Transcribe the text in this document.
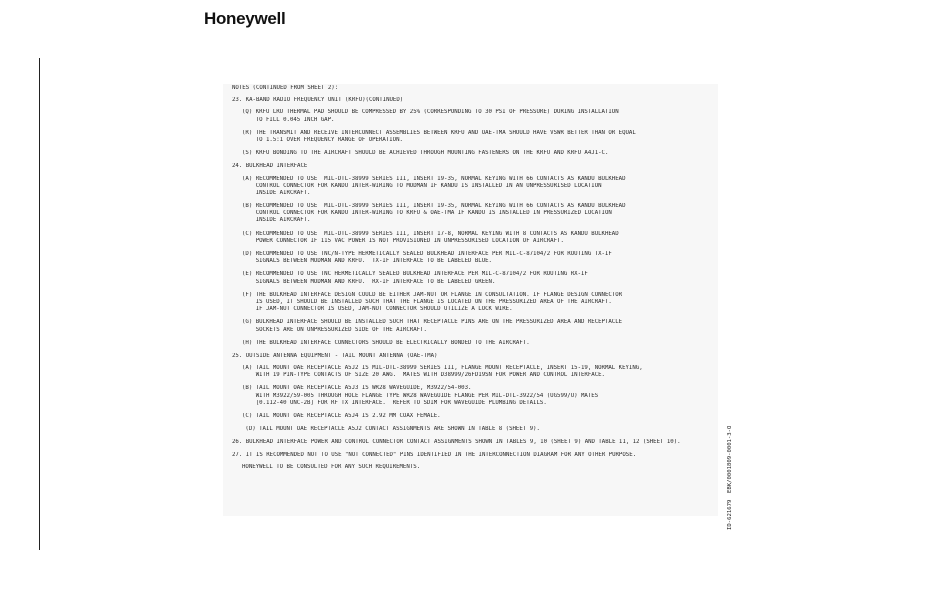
Honeywell
NOTES (CONTINUED FROM SHEET 2):
23. KA-BAND RADIO FREQUENCY UNIT (KRFU)(CONTINUED)
(Q) KRFU LRU THERMAL PAD SHOULD BE COMPRESSED BY 25% (CORRESPONDING TO 30 PSI OF PRESSURE) DURING INSTALLATION
TO FILL 0.045 INCH GAP.
(R) THE TRANSMIT AND RECEIVE INTERCONNECT ASSEMBLIES BETWEEN KRFU AND OAE-TMA SHOULD HAVE VSWR BETTER THAN OR EQUAL
TO 1.5:1 OVER FREQUENCY RANGE OF OPERATION.
(S) KRFU BONDING TO THE AIRCRAFT SHOULD BE ACHIEVED THROUGH MOUNTING FASTENERS ON THE KRFU AND KRFU A4J1-C.
24. BULKHEAD INTERFACE
(A) RECOMMENDED TO USE  MIL-DTL-38999 SERIES III, INSERT 19-35, NORMAL KEYING WITH 66 CONTACTS AS KANDU BULKHEAD
CONTROL CONNECTOR FOR KANDU INTER-WIRING TO MODMAN IF KANDU IS INSTALLED IN AN UNPRESSURISED LOCATION
INSIDE AIRCRAFT.
(B) RECOMMENDED TO USE  MIL-DTL-38999 SERIES III, INSERT 19-35, NORMAL KEYING WITH 66 CONTACTS AS KANDU BULKHEAD
CONTROL CONNECTOR FOR KANDU INTER-WIRING TO KRFU & OAE-TMA IF KANDU IS INSTALLED IN PRESSURIZED LOCATION
INSIDE AIRCRAFT.
(C) RECOMMENDED TO USE  MIL-DTL-38999 SERIES III, INSERT 17-8, NORMAL KEYING WITH 8 CONTACTS AS KANDU BULKHEAD
POWER CONNECTOR IF 115 VAC POWER IS NOT PROVISIONED IN UNPRESSURISED LOCATION OF AIRCRAFT.
(D) RECOMMENDED TO USE TNC/N-TYPE HERMETICALLY SEALED BULKHEAD INTERFACE PER MIL-C-87104/2 FOR ROUTING TX-IF
SIGNALS BETWEEN MODMAN AND KRFU.  TX-IF INTERFACE TO BE LABELED BLUE.
(E) RECOMMENDED TO USE TNC HERMETICALLY SEALED BULKHEAD INTERFACE PER MIL-C-87104/2 FOR ROUTING RX-IF
SIGNALS BETWEEN MODMAN AND KRFU.  RX-IF INTERFACE TO BE LABELED GREEN.
(F) THE BULKHEAD INTERFACE DESIGN COULD BE EITHER JAM-NUT OR FLANGE IN CONSULTATION. IF FLANGE DESIGN CONNECTOR
IS USED, IT SHOULD BE INSTALLED SUCH THAT THE FLANGE IS LOCATED ON THE PRESSURIZED AREA OF THE AIRCRAFT.
IF JAM-NUT CONNECTOR IS USED, JAM-NUT CONNECTOR SHOULD UTILIZE A LOCK WIRE.
(G) BULKHEAD INTERFACE SHOULD BE INSTALLED SUCH THAT RECEPTACLE PINS ARE ON THE PRESSURIZED AREA AND RECEPTACLE
SOCKETS ARE ON UNPRESSURIZED SIDE OF THE AIRCRAFT.
(H) THE BULKHEAD INTERFACE CONNECTORS SHOULD BE ELECTRICALLY BONDED TO THE AIRCRAFT.
25. OUTSIDE ANTENNA EQUIPMENT - TAIL MOUNT ANTENNA (OAE-TMA)
(A) TAIL MOUNT OAE RECEPTACLE A5J2 IS MIL-DTL-38999 SERIES III, FLANGE MOUNT RECEPTACLE, INSERT 15-19, NORMAL KEYING,
WITH 19 PIN-TYPE CONTACTS OF SIZE 20 AWG.  MATES WITH D38999/26FD19SN FOR POWER AND CONTROL INTERFACE.
(B) TAIL MOUNT OAE RECEPTACLE A5J3 IS WR28 WAVEGUIDE, M3922/54-003.
WITH M3922/59-005 THROUGH HOLE FLANGE TYPE WR28 WAVEGUIDE FLANGE PER MIL-DTL-3922/54 (UG599/U) MATES
[0.112-40 UNC-2B] FOR RF TX INTERFACE.  REFER TO SDIM FOR WAVEGUIDE PLUMBING DETAILS.
(C) TAIL MOUNT OAE RECEPTACLE A5J4 IS 2.92 MM COAX FEMALE.
(D) TAIL MOUNT OAE RECEPTACLE A5J2 CONTACT ASSIGNMENTS ARE SHOWN IN TABLE 8 (SHEET 9).
26. BULKHEAD INTERFACE POWER AND CONTROL CONNECTOR CONTACT ASSIGNMENTS SHOWN IN TABLES 9, 10 (SHEET 9) AND TABLE 11, 12 (SHEET 10).
27. IT IS RECOMMENDED NOT TO USE "NOT CONNECTED" PINS IDENTIFIED IN THE INTERCONNECTION DIAGRAM FOR ANY OTHER PURPOSE.
HONEYWELL TO BE CONSULTED FOR ANY SUCH REQUIREMENTS.	ID-621679  EBK/0001809-0001-3-O
